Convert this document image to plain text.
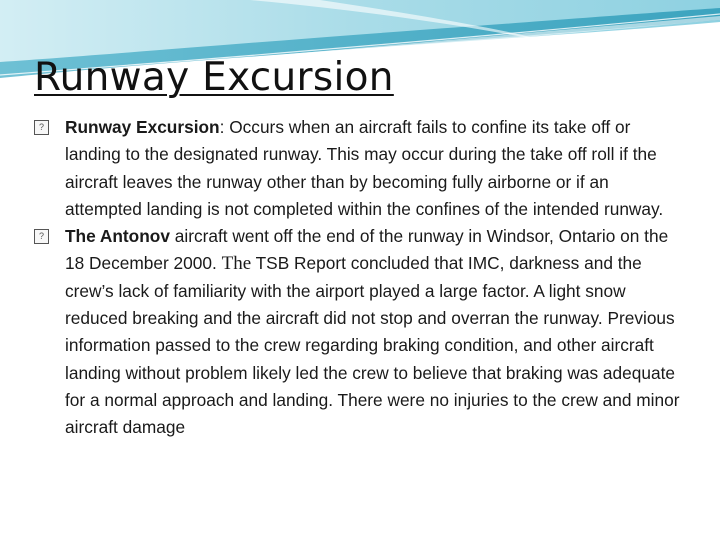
Runway Excursion

? Runway Excursion: Occurs when an aircraft fails to confine its take off or landing to the designated runway. This may occur during the take off roll if the aircraft leaves the runway other than by becoming fully airborne or if an attempted landing is not completed within the confines of the intended runway.

? The Antonov aircraft went off the end of the runway in Windsor, Ontario on the 18 December 2000. The TSB Report concluded that IMC, darkness and the crew’s lack of familiarity with the airport played a large factor. A light snow reduced breaking and the aircraft did not stop and overran the runway. Previous information passed to the crew regarding braking condition, and other aircraft landing without problem likely led the crew to believe that braking was adequate for a normal approach and landing. There were no injuries to the crew and minor aircraft damage
